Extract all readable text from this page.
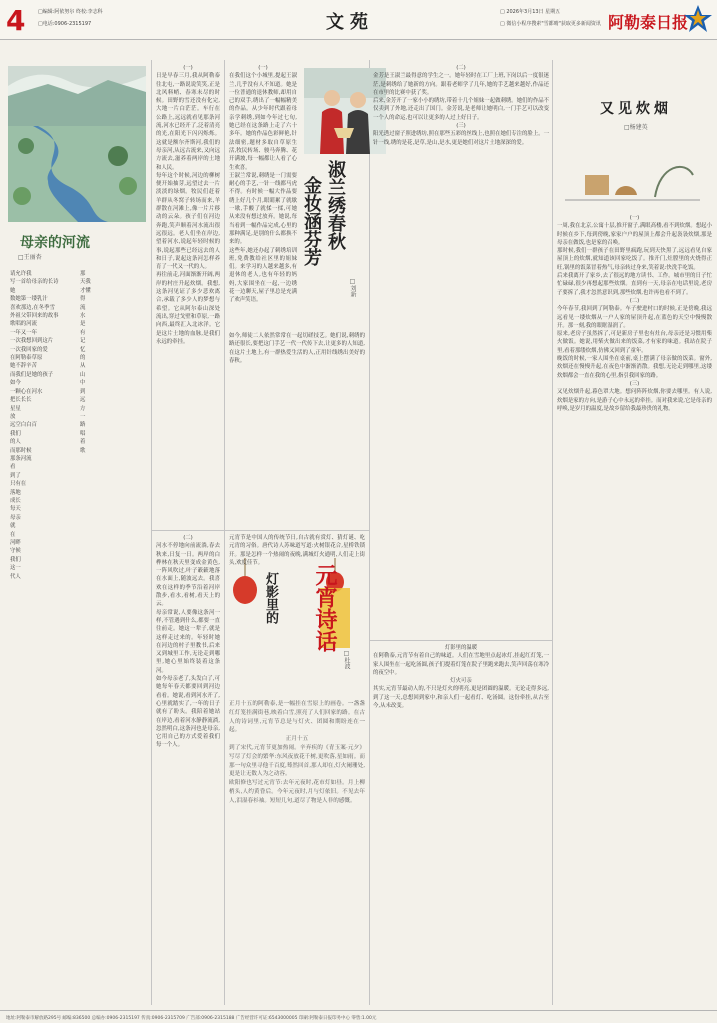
4	□编辑:阿依努尔 终校:李志科
□电话:0906-2315197	文苑	□ 2026年3月13日 星期五
□ 微信小程序搜索"雪都晴"获取更多新闻资讯 阿勒泰日报
母亲的河流
□王丽杏
请允许我
写一首给母亲的长诗
她
数她第一缕乳汁
喜欢那边,在冬季雪
外祖父带回来的故事
歌唱的河流
一年又一年
一次我想回到这片
一次我回家的爱
在阿勒泰草原
她不辞辛苦
而我们是她的孩子
如今
一颗心在河水
把长长长
星星
放
远空白白百
我们
的人
而那时候
那条河流
看
到了
只有在
落地
成长
每天
母亲
就
在
河畔
守候
我们
这一
代人
那
天我
才懂
得
流
水
是
有
记
忆
的
从
山
中
到
远
方
一
路
唱
着
歌
(一)

日是早春三月,我从阿勒泰往北屯,一路说说笑笑,正是北风料峭、春寒未尽的时候。田野的雪还没有化完,大地一片白茫茫。车行在公路上,远远就看见那条河流,河水已经开了,泛着清亮的光,在阳光下闪闪烁烁。这就是额尔齐斯河,我们的母亲河,从远古流来,又向远方流去,滋养着两岸的土地和人民。

每年这个时候,河边的柳树便开始抽芽,远望过去一片淡淡的绿烟。牧民们赶着羊群从冬窝子转场而来,羊群散在河滩上,像一片片移动的云朵。孩子们在河边奔跑,笑声顺着河水流出很远很远。老人们坐在岸边,望着河水,说起年轻时候的事,说起那些已经远去的人和日子,说起这条河怎样养育了一代又一代的人。

再往前走,河面渐渐开阔,两岸的村庄升起炊烟。我想,这条河见证了多少悲欢离合,承载了多少人的梦想与希望。它从阿尔泰山深处流出,穿过戈壁和草原,一路向西,最终汇入北冰洋。它是这片土地的血脉,是我们永远的牵挂。

(二)

河水不停地向前流淌,春去秋来,日复一日。两岸的白桦林在秋天里变成金黄色,一阵风吹过,叶子簌簌地落在水面上,随波远去。我喜欢在这样的季节沿着河岸散步,看水,看树,看天上的云。

母亲常说,人要像这条河一样,不管遇到什么,都要一直往前走。她这一辈子,就是这样走过来的。年轻时她在河边的村子里教书,后来又到城里工作,无论走到哪里,她心里始终装着这条河。

如今母亲老了,头发白了,可她每年春天都要回到河边看看。她说,看到河水开了,心里就踏实了,一年的日子就有了盼头。我陪着她站在岸边,看着河水静静流淌,忽然明白,这条河也是母亲,它用自己的方式爱着我们每一个人。

淑兰绣春秋
金妆涵芬芳
□刘新
(一)

在我们这个小城里,提起王淑兰,几乎没有人不知道。她是一位普通的退休教师,却用自己的双手,绣出了一幅幅精美的作品。从少年时代跟着母亲学刺绣,到如今年过七旬,她已经在这条路上走了六十多年。她的作品色彩鲜艳,针法细密,题材多取自草原生活,牧民转场、骏马奔腾、花开满坡,每一幅都让人看了心生欢喜。

王淑兰常说,刺绣是一门需要耐心的手艺,一针一线都马虎不得。有时候一幅大作品要绣上好几个月,眼睛累了就歇一歇,手酸了就揉一揉,可她从来没有想过放弃。她说,每当看到一幅作品完成,心里的那种满足,是别的什么都换不来的。

这些年,她还办起了刺绣培训班,免费教给社区里的姐妹们。来学习的人越来越多,有退休的老人,也有年轻的妈妈,大家围坐在一起,一边绣花一边聊天,屋子里总是充满了欢声笑语。

如今,师徒二人依然常常在一起切磋技艺。她们说,刺绣的路还很长,要把这门手艺一代一代传下去,让更多的人知道,在这片土地上,有一群热爱生活的人,正用针线绣出美好的春秋。

(二)

金芳是王淑兰最得意的学生之一。她年轻时在工厂上班,下岗以后一度很迷茫,是刺绣给了她新的方向。跟着老师学了几年,她的手艺越来越好,作品还在市里的比赛中获了奖。

后来,金芳开了一家小小的绣坊,带着十几个姐妹一起做刺绣。她们的作品不仅卖到了外地,还走出了国门。金芳说,是老师让她明白,一门手艺可以改变一个人的命运,也可以让更多的人过上好日子。

(三)

阳光透过窗子照进绣坊,照在那些五彩的丝线上,也照在她们专注的脸上。一针一线,绣的是花,是草,是山,是水,更是她们对这片土地深深的爱。

元宵诗话
灯影里的
□杜波

元宵节是中国人的传统节日,自古就有赏灯、猜灯谜、吃元宵的习俗。唐代诗人苏味道写道:火树银花合,星桥铁锁开。那是怎样一个热闹的夜晚,满城灯火通明,人们走上街头,欢度佳节。

正月十五的阿勒泰,是一幅挂在雪原上的画卷。一盏盏红灯笼挂满街巷,映着白雪,照亮了人们回家的路。在古人的诗词里,元宵节总是与灯火、团圆和期盼连在一起。

正月十五

到了宋代,元宵节更加热闹。辛弃疾的《青玉案·元夕》写尽了灯会的繁华:东风夜放花千树,更吹落,星如雨。而那一句众里寻他千百度,蓦然回首,那人却在,灯火阑珊处,更是让无数人为之动容。

欧阳修也写过元宵节:去年元夜时,花市灯如昼。月上柳梢头,人约黄昏后。今年元夜时,月与灯依旧。不见去年人,泪湿春衫袖。短短几句,道尽了物是人非的感慨。

灯影里的温暖

在阿勒泰,元宵节有着自己的味道。人们在雪地里点起冰灯,挂起红灯笼,一家人围坐在一起吃汤圆,孩子们提着灯笼在院子里跑来跑去,笑声回荡在寒冷的夜空中。

灯火可亲

其实,元宵节最动人的,不只是灯火的明亮,更是团圆的温暖。无论走得多远,到了这一天,总想回到家中,和亲人们一起看灯、吃汤圆。这份牵挂,从古至今,从未改变。

又见炊烟
□杨建英
(一)

一周,我在北京,公寓十层,推开窗子,满眼高楼,看不到炊烟。想起小时候在乡下,每到傍晚,家家户户的屋顶上都会升起袅袅炊烟,那是母亲在做饭,也是家的召唤。

那时候,我们一群孩子在田野里疯跑,玩到天快黑了,远远看见自家屋顶上的炊烟,就知道该回家吃饭了。推开门,灶膛里的火烧得正旺,锅里的饭菜冒着热气,母亲转过身来,笑着说:快洗手吃饭。

后来我离开了家乡,去了很远的地方读书、工作。城市里的日子忙忙碌碌,很少再想起那些炊烟。直到有一天,母亲在电话里说,老房子要拆了,我才忽然意识到,那些炊烟,也许再也看不到了。

(二)

今年春节,我回到了阿勒泰。车子驶进村口的时候,正是傍晚,我远远看见一缕炊烟从一户人家的屋顶升起,在蓝色的天空中慢慢散开。那一刻,我的眼眶湿润了。

原来,老房子虽然拆了,可是新房子里也有灶台,母亲还是习惯用柴火做饭。她说,用柴火做出来的饭菜,才有家的味道。我站在院子里,看着那缕炊烟,仿佛又回到了童年。

晚饭的时候,一家人围坐在桌前,桌上摆满了母亲做的饭菜。窗外,炊烟还在慢慢升起,在夜色中渐渐消散。我想,无论走到哪里,这缕炊烟都会一直在我的心里,指引我回家的路。

(三)

又见炊烟升起,暮色罩大地。想问阵阵炊烟,你要去哪里。有人说,炊烟是家的方向,是游子心中永远的牵挂。而对我来说,它是母亲的呼唤,是岁月的温度,是故乡留给我最珍贵的礼物。

地址:阿勒泰市解放路295号 邮编:836500 总编办:0906-2315197 传真:0906-2315709 广告部:0906-2315188 广告经营许可证:6543000005 印刷:阿勒泰日报印务中心 零售:1.00元
